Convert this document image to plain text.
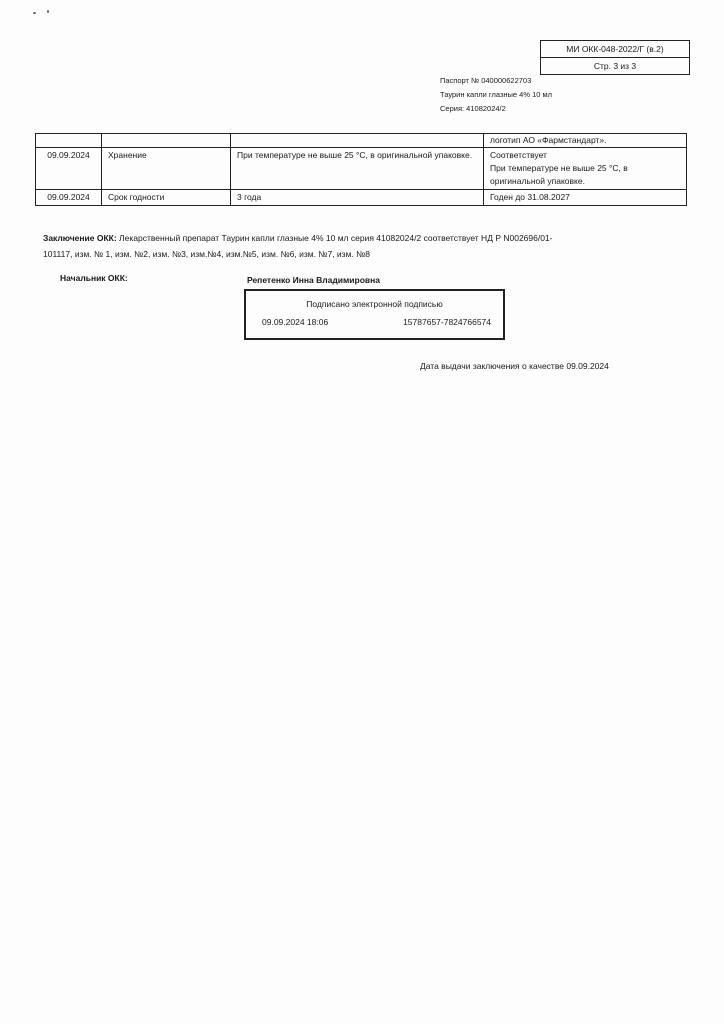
МИ ОКК-048-2022/Г (в.2)
Стр. 3 из 3
Паспорт № 040000622703
Таурин капли глазные 4% 10 мл
Серия: 41082024/2
			логотип АО «Фармстандарт».
09.09.2024	Хранение	При температуре не выше 25 °С, в оригинальной упаковке.	Соответствует
При температуре не выше 25 °С, в оригинальной упаковке.
09.09.2024	Срок годности	3 года	Годен до 31.08.2027
Заключение ОКК: Лекарственный препарат Таурин капли глазные 4% 10 мл серия 41082024/2 соответствует НД Р N002696/01-101117, изм. № 1, изм. №2, изм. №3, изм.№4, изм.№5, изм. №6, изм. №7, изм. №8
Начальник ОКК:	Репетенко Инна Владимировна
Подписано электронной подписью
09.09.2024 18:06	15787657-7824766574
Дата выдачи заключения о качестве 09.09.2024
